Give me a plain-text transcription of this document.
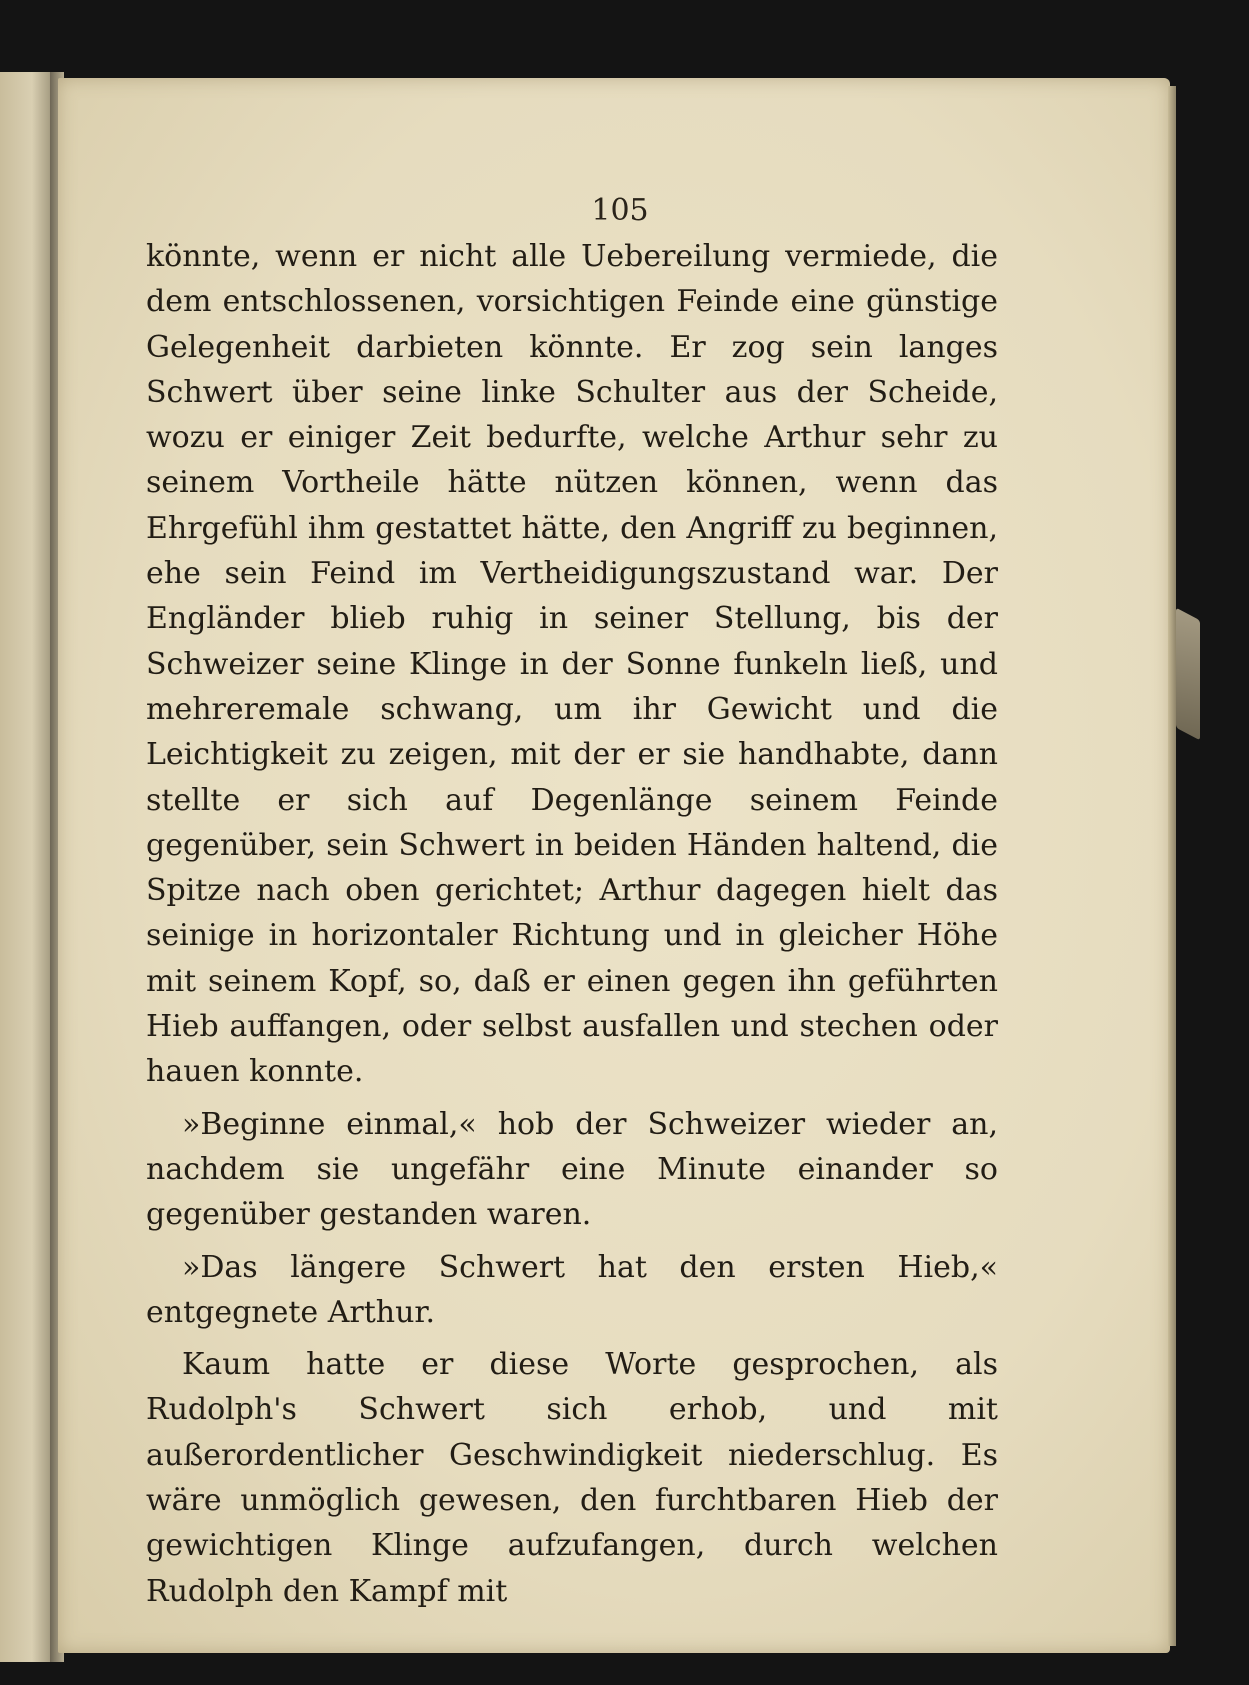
105

könnte, wenn er nicht alle Uebereilung vermiede, die dem entschlossenen, vorsichtigen Feinde eine günstige Gelegenheit darbieten könnte. Er zog sein langes Schwert über seine linke Schulter aus der Scheide, wozu er einiger Zeit bedurfte, welche Arthur sehr zu seinem Vortheile hätte nützen können, wenn das Ehrgefühl ihm gestattet hätte, den Angriff zu beginnen, ehe sein Feind im Vertheidigungszustand war. Der Engländer blieb ruhig in seiner Stellung, bis der Schweizer seine Klinge in der Sonne funkeln ließ, und mehreremale schwang, um ihr Gewicht und die Leichtigkeit zu zeigen, mit der er sie handhabte, dann stellte er sich auf Degenlänge seinem Feinde gegenüber, sein Schwert in beiden Händen haltend, die Spitze nach oben gerichtet; Arthur dagegen hielt das seinige in horizontaler Richtung und in gleicher Höhe mit seinem Kopf, so, daß er einen gegen ihn geführten Hieb auffangen, oder selbst ausfallen und stechen oder hauen konnte.

»Beginne einmal,« hob der Schweizer wieder an, nachdem sie ungefähr eine Minute einander so gegenüber gestanden waren.

»Das längere Schwert hat den ersten Hieb,« entgegnete Arthur.

Kaum hatte er diese Worte gesprochen, als Rudolph's Schwert sich erhob, und mit außerordentlicher Geschwindigkeit niederschlug. Es wäre unmöglich gewesen, den furchtbaren Hieb der gewichtigen Klinge aufzufangen, durch welchen Rudolph den Kampf mit
